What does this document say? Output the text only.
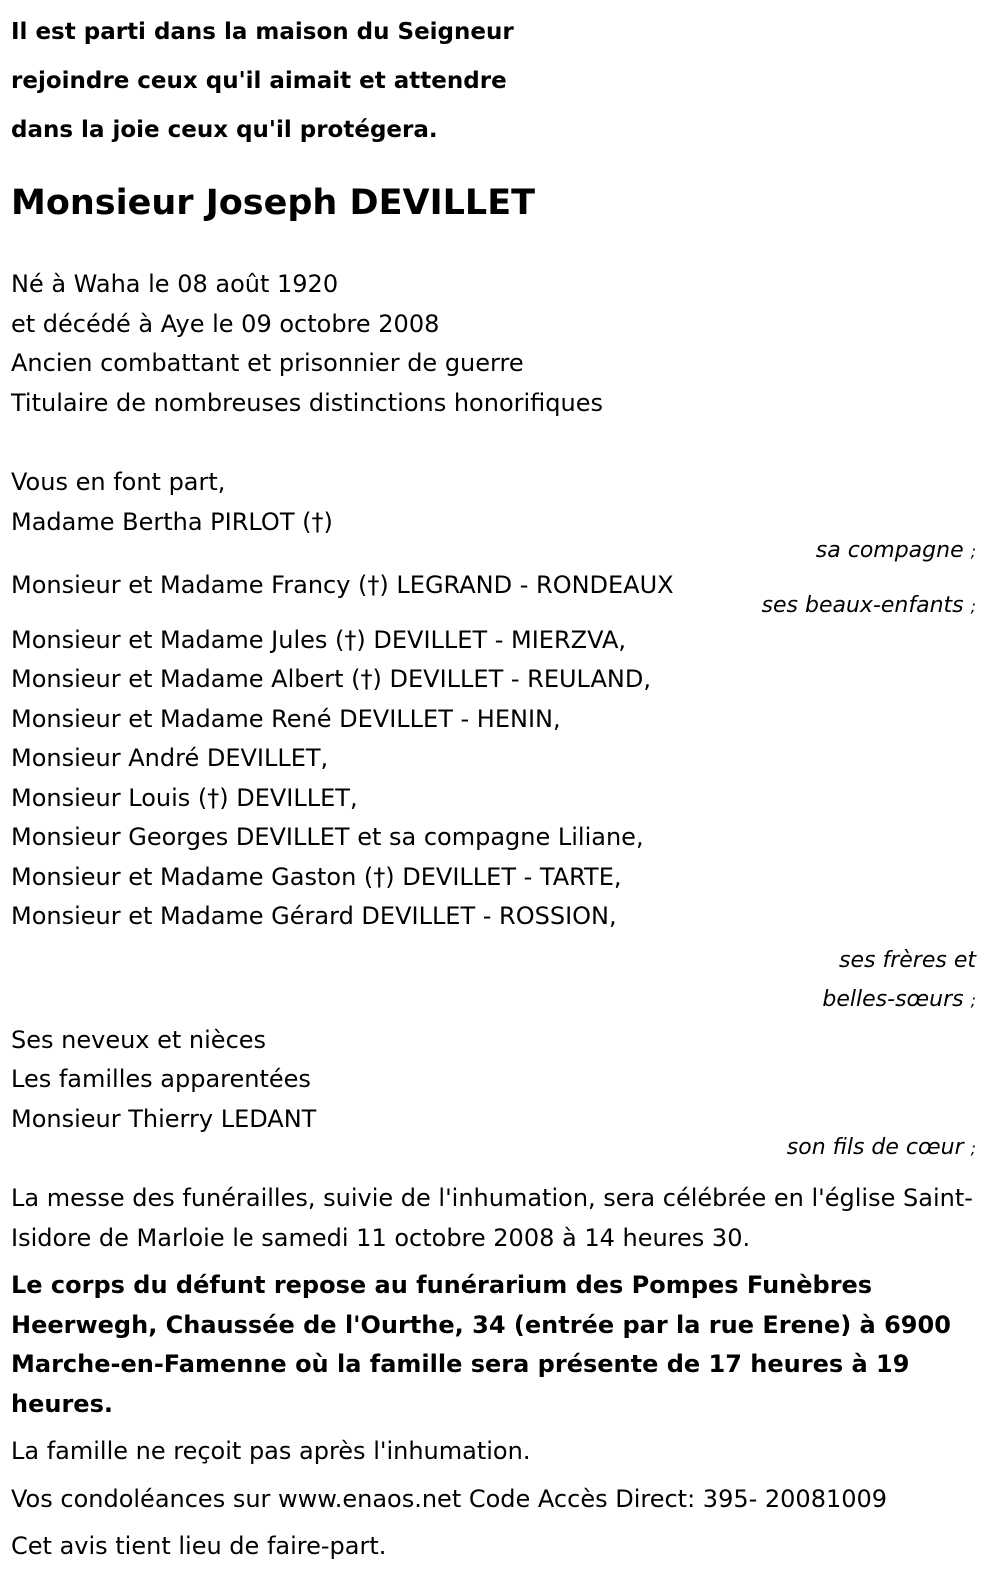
Il est parti dans la maison du Seigneur
rejoindre ceux qu'il aimait et attendre
dans la joie ceux qu'il protégera.
Monsieur Joseph DEVILLET
Né à Waha le 08 août 1920
et décédé à Aye le 09 octobre 2008
Ancien combattant et prisonnier de guerre
Titulaire de nombreuses distinctions honorifiques
Vous en font part,
Madame Bertha PIRLOT (†)
sa compagne ;
Monsieur et Madame Francy (†) LEGRAND - RONDEAUX
ses beaux-enfants ;
Monsieur et Madame Jules (†) DEVILLET - MIERZVA,
Monsieur et Madame Albert (†) DEVILLET - REULAND,
Monsieur et Madame René DEVILLET - HENIN,
Monsieur André DEVILLET,
Monsieur Louis (†) DEVILLET,
Monsieur Georges DEVILLET et sa compagne Liliane,
Monsieur et Madame Gaston (†) DEVILLET - TARTE,
Monsieur et Madame Gérard DEVILLET - ROSSION,
ses frères et
belles-sœurs ;
Ses neveux et nièces
Les familles apparentées
Monsieur Thierry LEDANT
son fils de cœur ;
La messe des funérailles, suivie de l'inhumation, sera célébrée en l'église Saint-Isidore de Marloie le samedi 11 octobre 2008 à 14 heures 30.
Le corps du défunt repose au funérarium des Pompes Funèbres Heerwegh, Chaussée de l'Ourthe, 34 (entrée par la rue Erene) à 6900 Marche-en-Famenne où la famille sera présente de 17 heures à 19 heures.
La famille ne reçoit pas après l'inhumation.
Vos condoléances sur www.enaos.net Code Accès Direct: 395- 20081009
Cet avis tient lieu de faire-part.
